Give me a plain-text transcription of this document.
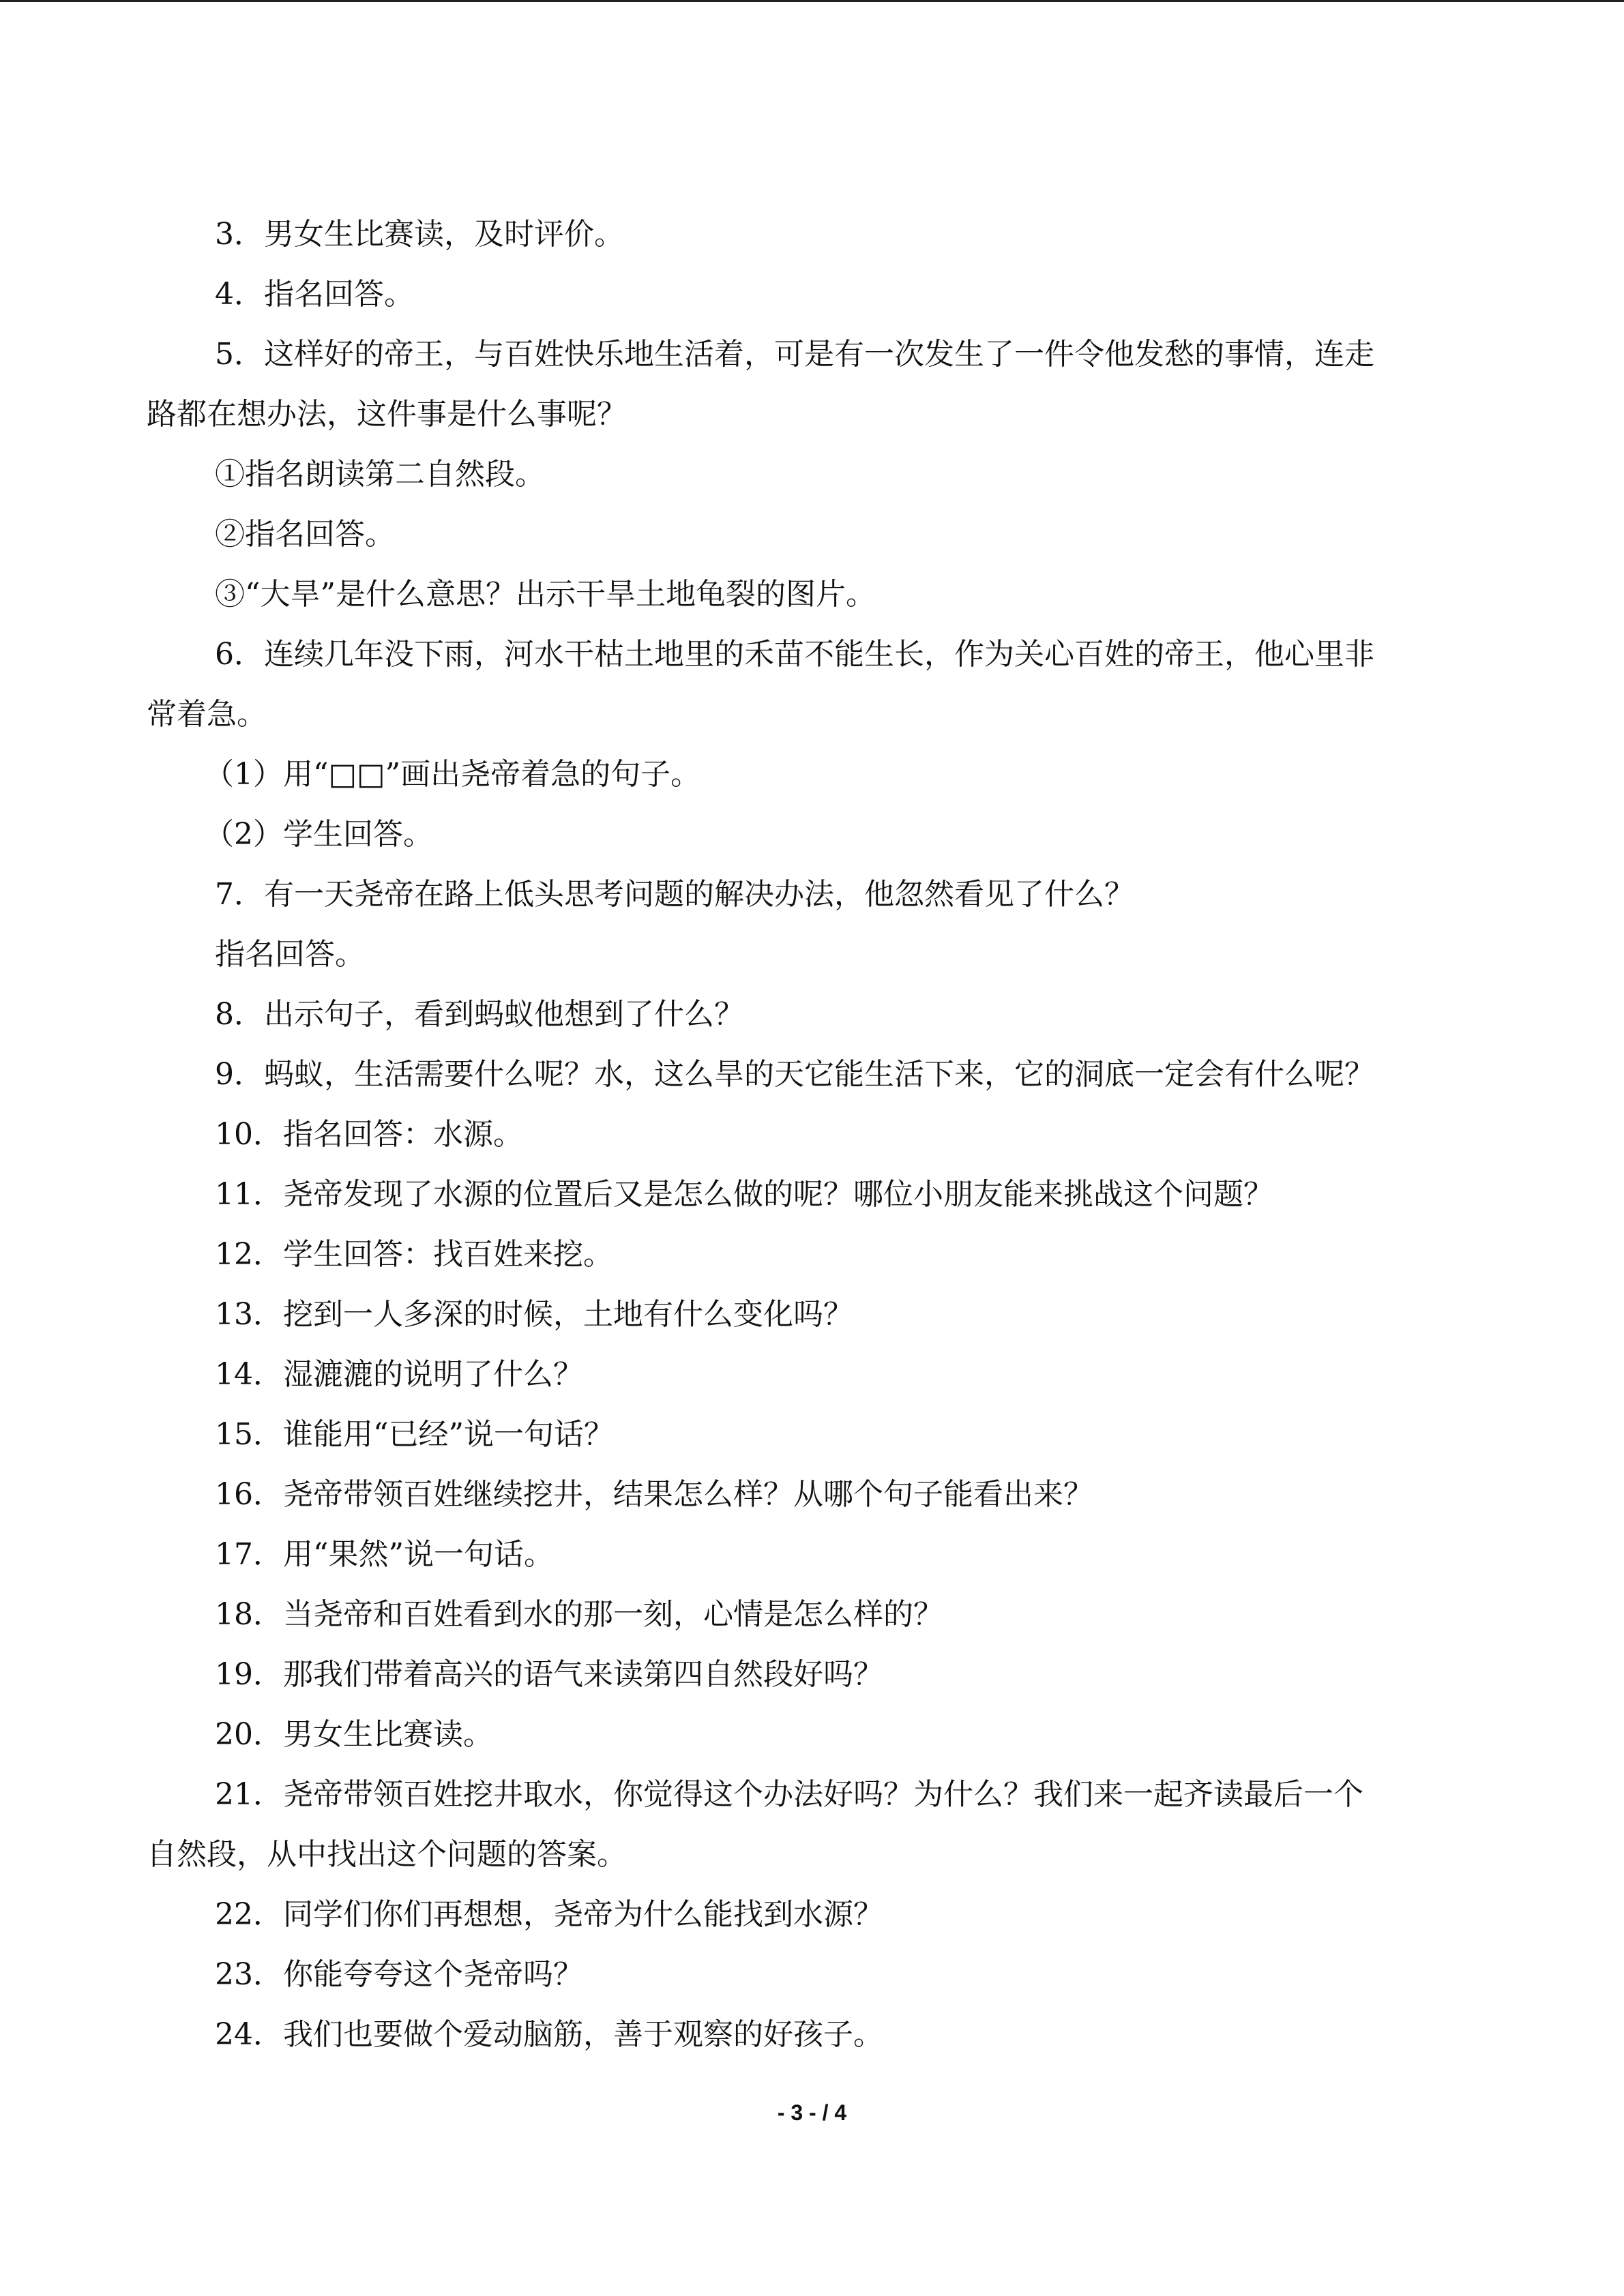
3．男女生比赛读，及时评价。
4．指名回答。
5．这样好的帝王，与百姓快乐地生活着，可是有一次发生了一件令他发愁的事情，连走
路都在想办法，这件事是什么事呢？
①指名朗读第二自然段。
②指名回答。
③“大旱”是什么意思？出示干旱土地龟裂的图片。
6．连续几年没下雨，河水干枯土地里的禾苗不能生长，作为关心百姓的帝王，他心里非
常着急。
（1）用“□□”画出尧帝着急的句子。
（2）学生回答。
7．有一天尧帝在路上低头思考问题的解决办法，他忽然看见了什么？
指名回答。
8．出示句子，看到蚂蚁他想到了什么？
9．蚂蚁，生活需要什么呢？水，这么旱的天它能生活下来，它的洞底一定会有什么呢？
10．指名回答：水源。
11．尧帝发现了水源的位置后又是怎么做的呢？哪位小朋友能来挑战这个问题？
12．学生回答：找百姓来挖。
13．挖到一人多深的时候，土地有什么变化吗？
14．湿漉漉的说明了什么？
15．谁能用“已经”说一句话？
16．尧帝带领百姓继续挖井，结果怎么样？从哪个句子能看出来？
17．用“果然”说一句话。
18．当尧帝和百姓看到水的那一刻，心情是怎么样的？
19．那我们带着高兴的语气来读第四自然段好吗？
20．男女生比赛读。
21．尧帝带领百姓挖井取水，你觉得这个办法好吗？为什么？我们来一起齐读最后一个
自然段，从中找出这个问题的答案。
22．同学们你们再想想，尧帝为什么能找到水源？
23．你能夸夸这个尧帝吗？
24．我们也要做个爱动脑筋，善于观察的好孩子。
- 3 - / 4
